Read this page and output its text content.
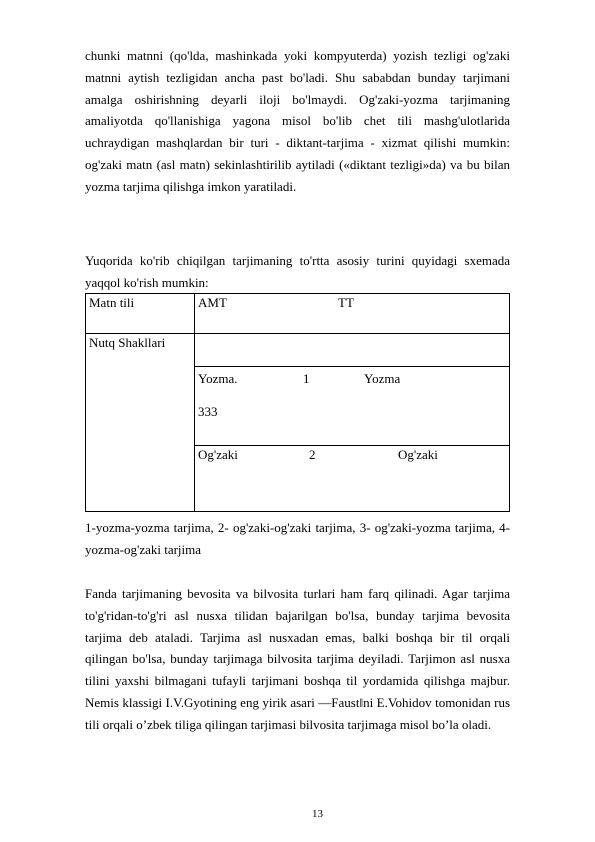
chunki matnni (qo'lda, mashinkada yoki kompyuterda) yozish tezligi og'zaki matnni aytish tezligidan ancha past bo'ladi. Shu sababdan bunday tarjimani amalga oshirishning deyarli iloji bo'lmaydi. Og'zaki-yozma tarjimaning amaliyotda qo'llanishiga yagona misol bo'lib chet tili mashg'ulotlarida uchraydigan mashqlardan bir turi - diktant-tarjima - xizmat qilishi mumkin: og'zaki matn (asl matn) sekinlashtirilib aytiladi («diktant tezligi»da) va bu bilan yozma tarjima qilishga imkon yaratiladi.

Yuqorida ko'rib chiqilgan tarjimaning to'rtta asosiy turini quyidagi sxemada yaqqol ko'rish mumkin:

Matn tili	AMT TT

Nutq Shakllari	

	Yozma. 1 Yozma
333

	Og'zaki 2 Og'zaki

1-yozma-yozma tarjima, 2- og'zaki-og'zaki tarjima, 3- og'zaki-yozma tarjima, 4-yozma-og'zaki tarjima

Fanda tarjimaning bevosita va bilvosita turlari ham farq qilinadi. Agar tarjima to'g'ridan-to'g'ri asl nusxa tilidan bajarilgan bo'lsa, bunday tarjima bevosita tarjima deb ataladi. Tarjima asl nusxadan emas, balki boshqa bir til orqali qilingan bo'lsa, bunday tarjimaga bilvosita tarjima deyiladi. Tarjimon asl nusxa tilini yaxshi bilmagani tufayli tarjimani boshqa til yordamida qilishga majbur. Nemis klassigi I.V.Gyotining eng yirik asari ―Faust‖ni E.Vohidov tomonidan rus tili orqali o’zbek tiliga qilingan tarjimasi bilvosita tarjimaga misol bo’la oladi.

13
